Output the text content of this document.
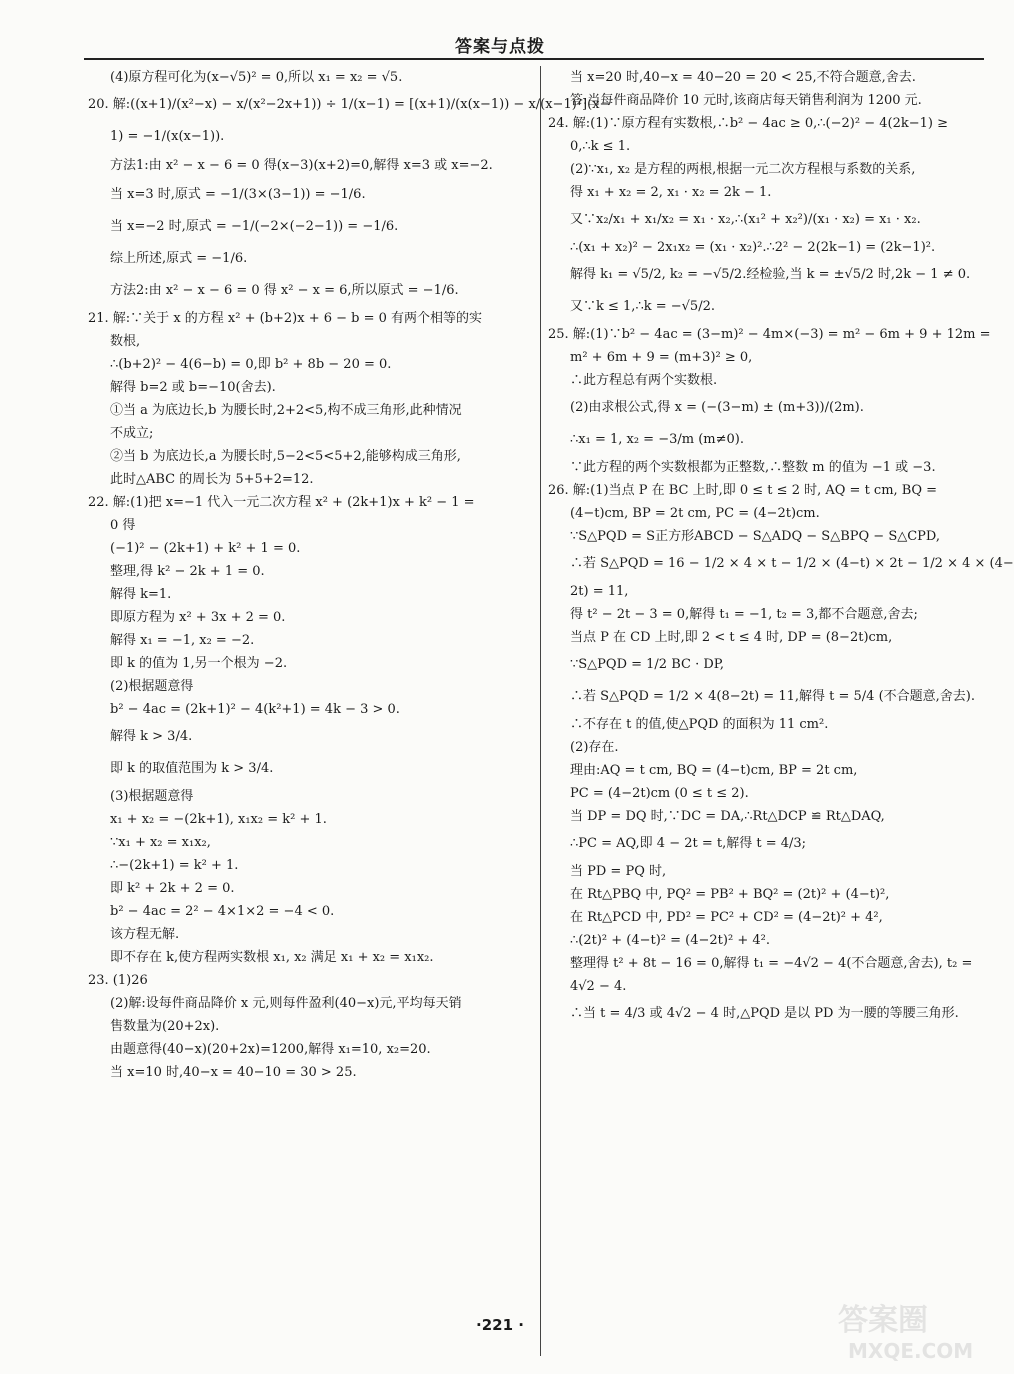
答案与点拨
(4)原方程可化为(x−√5)² = 0,所以 x₁ = x₂ = √5.
20. 解:((x+1)/(x²−x) − x/(x²−2x+1)) ÷ 1/(x−1) = [(x+1)/(x(x−1)) − x/(x−1)²](x−
1) = −1/(x(x−1)).
方法1:由 x² − x − 6 = 0 得(x−3)(x+2)=0,解得 x=3 或 x=−2.
当 x=3 时,原式 = −1/(3×(3−1)) = −1/6.
当 x=−2 时,原式 = −1/(−2×(−2−1)) = −1/6.
综上所述,原式 = −1/6.
方法2:由 x² − x − 6 = 0 得 x² − x = 6,所以原式 = −1/6.
21. 解:∵关于 x 的方程 x² + (b+2)x + 6 − b = 0 有两个相等的实
数根,
∴(b+2)² − 4(6−b) = 0,即 b² + 8b − 20 = 0.
解得 b=2 或 b=−10(舍去).
①当 a 为底边长,b 为腰长时,2+2<5,构不成三角形,此种情况
不成立;
②当 b 为底边长,a 为腰长时,5−2<5<5+2,能够构成三角形,
此时△ABC 的周长为 5+5+2=12.
22. 解:(1)把 x=−1 代入一元二次方程 x² + (2k+1)x + k² − 1 =
0 得
(−1)² − (2k+1) + k² + 1 = 0.
整理,得 k² − 2k + 1 = 0.
解得 k=1.
即原方程为 x² + 3x + 2 = 0.
解得 x₁ = −1, x₂ = −2.
即 k 的值为 1,另一个根为 −2.
(2)根据题意得
b² − 4ac = (2k+1)² − 4(k²+1) = 4k − 3 > 0.
解得 k > 3/4.
即 k 的取值范围为 k > 3/4.
(3)根据题意得
x₁ + x₂ = −(2k+1), x₁x₂ = k² + 1.
∵x₁ + x₂ = x₁x₂,
∴−(2k+1) = k² + 1.
即 k² + 2k + 2 = 0.
b² − 4ac = 2² − 4×1×2 = −4 < 0.
该方程无解.
即不存在 k,使方程两实数根 x₁, x₂ 满足 x₁ + x₂ = x₁x₂.
23. (1)26
(2)解:设每件商品降价 x 元,则每件盈利(40−x)元,平均每天销
售数量为(20+2x).
由题意得(40−x)(20+2x)=1200,解得 x₁=10, x₂=20.
当 x=10 时,40−x = 40−10 = 30 > 25.
当 x=20 时,40−x = 40−20 = 20 < 25,不符合题意,舍去.
答:当每件商品降价 10 元时,该商店每天销售利润为 1200 元.
24. 解:(1)∵原方程有实数根,∴b² − 4ac ≥ 0,∴(−2)² − 4(2k−1) ≥
0,∴k ≤ 1.
(2)∵x₁, x₂ 是方程的两根,根据一元二次方程根与系数的关系,
得 x₁ + x₂ = 2, x₁ · x₂ = 2k − 1.
又∵x₂/x₁ + x₁/x₂ = x₁ · x₂,∴(x₁² + x₂²)/(x₁ · x₂) = x₁ · x₂.
∴(x₁ + x₂)² − 2x₁x₂ = (x₁ · x₂)².∴2² − 2(2k−1) = (2k−1)².
解得 k₁ = √5/2, k₂ = −√5/2.经检验,当 k = ±√5/2 时,2k − 1 ≠ 0.
又∵k ≤ 1,∴k = −√5/2.
25. 解:(1)∵b² − 4ac = (3−m)² − 4m×(−3) = m² − 6m + 9 + 12m =
m² + 6m + 9 = (m+3)² ≥ 0,
∴此方程总有两个实数根.
(2)由求根公式,得 x = (−(3−m) ± (m+3))/(2m).
∴x₁ = 1, x₂ = −3/m (m≠0).
∵此方程的两个实数根都为正整数,∴整数 m 的值为 −1 或 −3.
26. 解:(1)当点 P 在 BC 上时,即 0 ≤ t ≤ 2 时, AQ = t cm, BQ =
(4−t)cm, BP = 2t cm, PC = (4−2t)cm.
∵S△PQD = S正方形ABCD − S△ADQ − S△BPQ − S△CPD,
∴若 S△PQD = 16 − 1/2 × 4 × t − 1/2 × (4−t) × 2t − 1/2 × 4 × (4−
2t) = 11,
得 t² − 2t − 3 = 0,解得 t₁ = −1, t₂ = 3,都不合题意,舍去;
当点 P 在 CD 上时,即 2 < t ≤ 4 时, DP = (8−2t)cm,
∵S△PQD = 1/2 BC · DP,
∴若 S△PQD = 1/2 × 4(8−2t) = 11,解得 t = 5/4 (不合题意,舍去).
∴不存在 t 的值,使△PQD 的面积为 11 cm².
(2)存在.
理由:AQ = t cm, BQ = (4−t)cm, BP = 2t cm,
PC = (4−2t)cm (0 ≤ t ≤ 2).
当 DP = DQ 时,∵DC = DA,∴Rt△DCP ≌ Rt△DAQ,
∴PC = AQ,即 4 − 2t = t,解得 t = 4/3;
当 PD = PQ 时,
在 Rt△PBQ 中, PQ² = PB² + BQ² = (2t)² + (4−t)²,
在 Rt△PCD 中, PD² = PC² + CD² = (4−2t)² + 4²,
∴(2t)² + (4−t)² = (4−2t)² + 4².
整理得 t² + 8t − 16 = 0,解得 t₁ = −4√2 − 4(不合题意,舍去), t₂ =
4√2 − 4.
∴当 t = 4/3 或 4√2 − 4 时,△PQD 是以 PD 为一腰的等腰三角形.
·221 ·	答案圈
MXQE.COM
